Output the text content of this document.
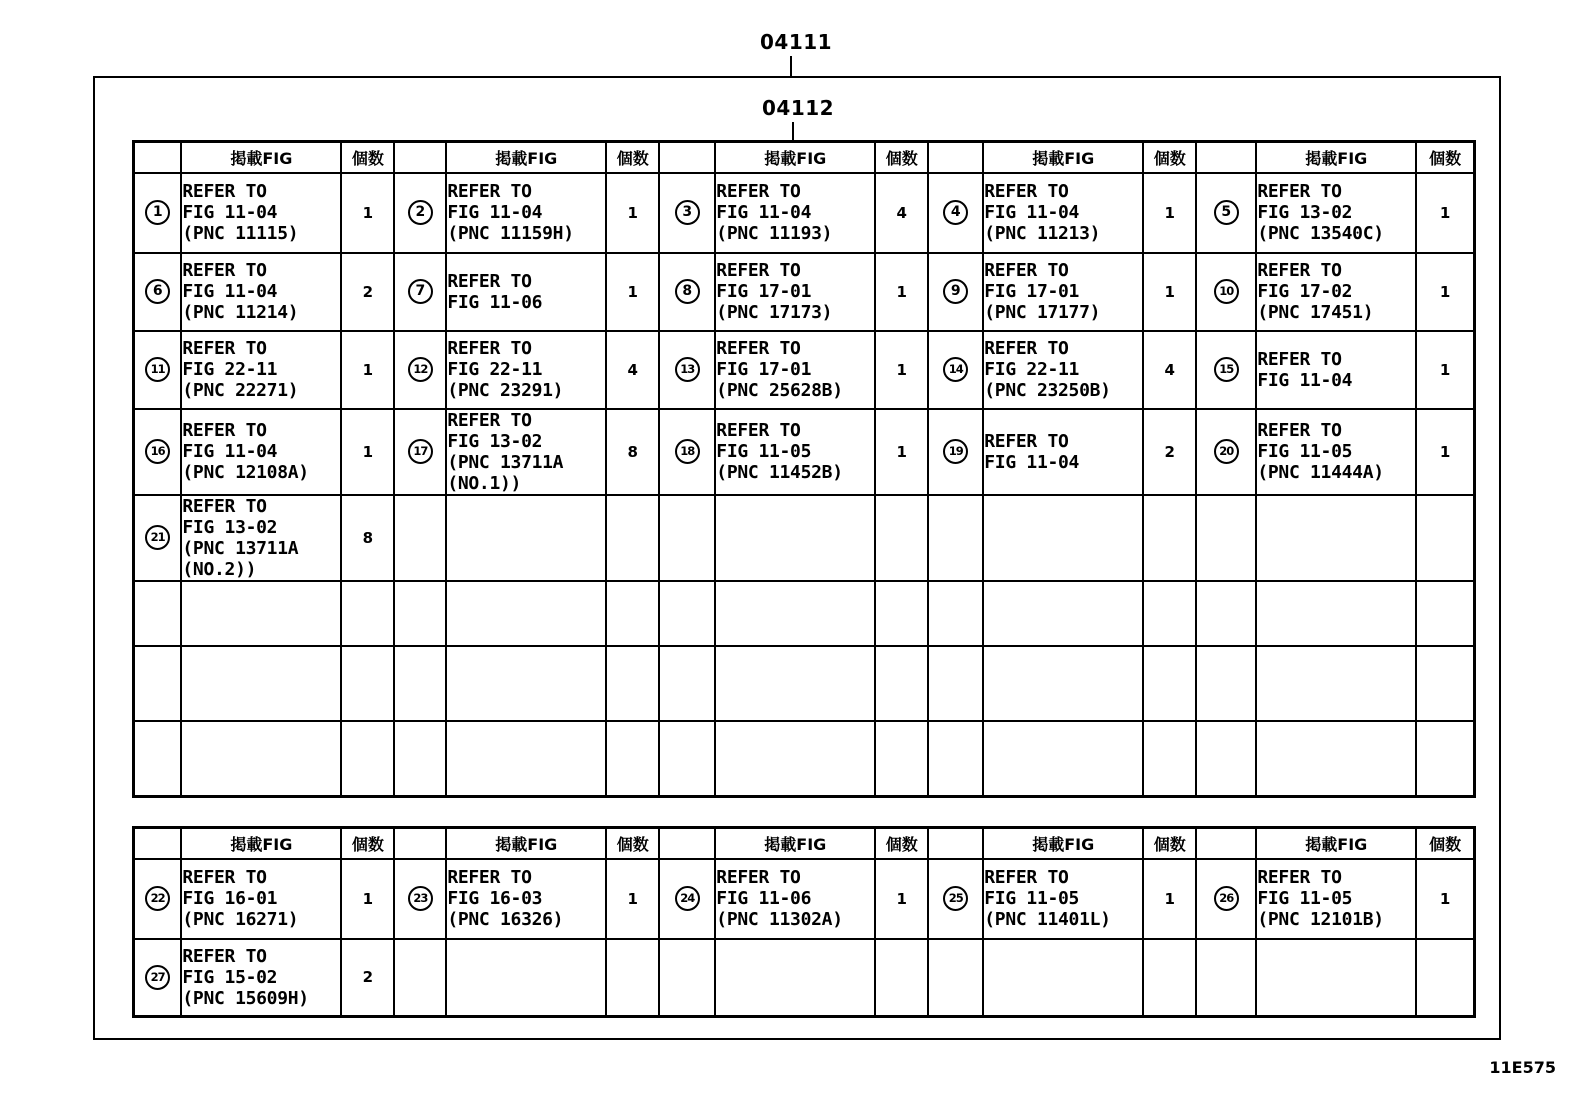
04111
04112
	掲載FIG	個数		掲載FIG	個数		掲載FIG	個数		掲載FIG	個数		掲載FIG	個数
1	REFER TO
FIG 11-04
(PNC 11115)	1	2	REFER TO
FIG 11-04
(PNC 11159H)	1	3	REFER TO
FIG 11-04
(PNC 11193)	4	4	REFER TO
FIG 11-04
(PNC 11213)	1	5	REFER TO
FIG 13-02
(PNC 13540C)	1
6	REFER TO
FIG 11-04
(PNC 11214)	2	7	REFER TO
FIG 11-06	1	8	REFER TO
FIG 17-01
(PNC 17173)	1	9	REFER TO
FIG 17-01
(PNC 17177)	1	10	REFER TO
FIG 17-02
(PNC 17451)	1
11	REFER TO
FIG 22-11
(PNC 22271)	1	12	REFER TO
FIG 22-11
(PNC 23291)	4	13	REFER TO
FIG 17-01
(PNC 25628B)	1	14	REFER TO
FIG 22-11
(PNC 23250B)	4	15	REFER TO
FIG 11-04	1
16	REFER TO
FIG 11-04
(PNC 12108A)	1	17	REFER TO
FIG 13-02
(PNC 13711A
(NO.1))	8	18	REFER TO
FIG 11-05
(PNC 11452B)	1	19	REFER TO
FIG 11-04	2	20	REFER TO
FIG 11-05
(PNC 11444A)	1
21	REFER TO
FIG 13-02
(PNC 13711A
(NO.2))	8												

	掲載FIG	個数		掲載FIG	個数		掲載FIG	個数		掲載FIG	個数		掲載FIG	個数
22	REFER TO
FIG 16-01
(PNC 16271)	1	23	REFER TO
FIG 16-03
(PNC 16326)	1	24	REFER TO
FIG 11-06
(PNC 11302A)	1	25	REFER TO
FIG 11-05
(PNC 11401L)	1	26	REFER TO
FIG 11-05
(PNC 12101B)	1
27	REFER TO
FIG 15-02
(PNC 15609H)	2												
11E575
